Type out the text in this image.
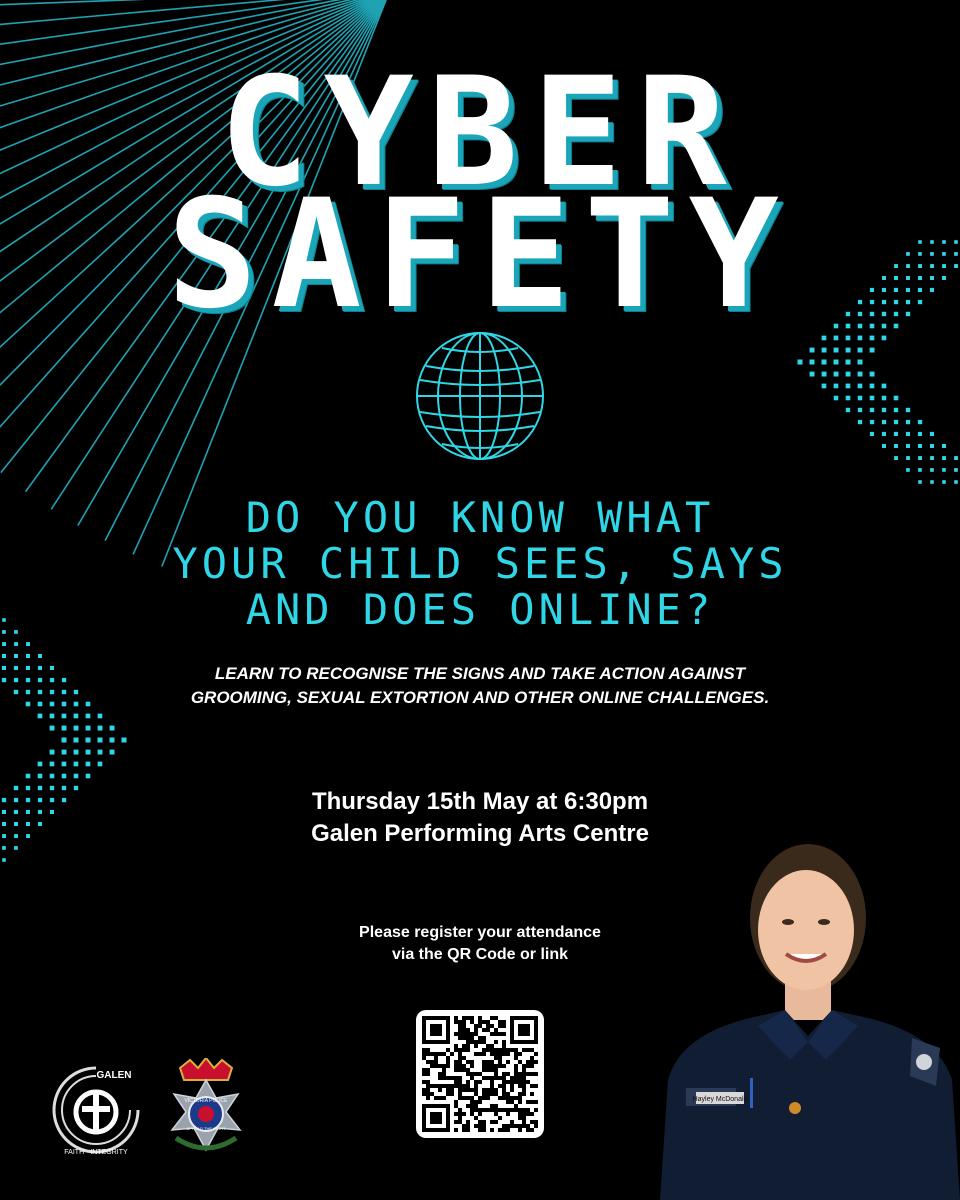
CYBER
SAFETY
DO YOU KNOW WHAT
YOUR CHILD SEES, SAYS
AND DOES ONLINE?
LEARN TO RECOGNISE THE SIGNS AND TAKE ACTION AGAINST
GROOMING, SEXUAL EXTORTION AND OTHER ONLINE CHALLENGES.
Thursday 15th May at 6:30pm
Galen Performing Arts Centre
Please register your attendance
via the QR Code or link
GALEN
FAITH · INTEGRITY
VICTORIA POLICE
UPHOLD THE RIGHT
Hayley McDonald
